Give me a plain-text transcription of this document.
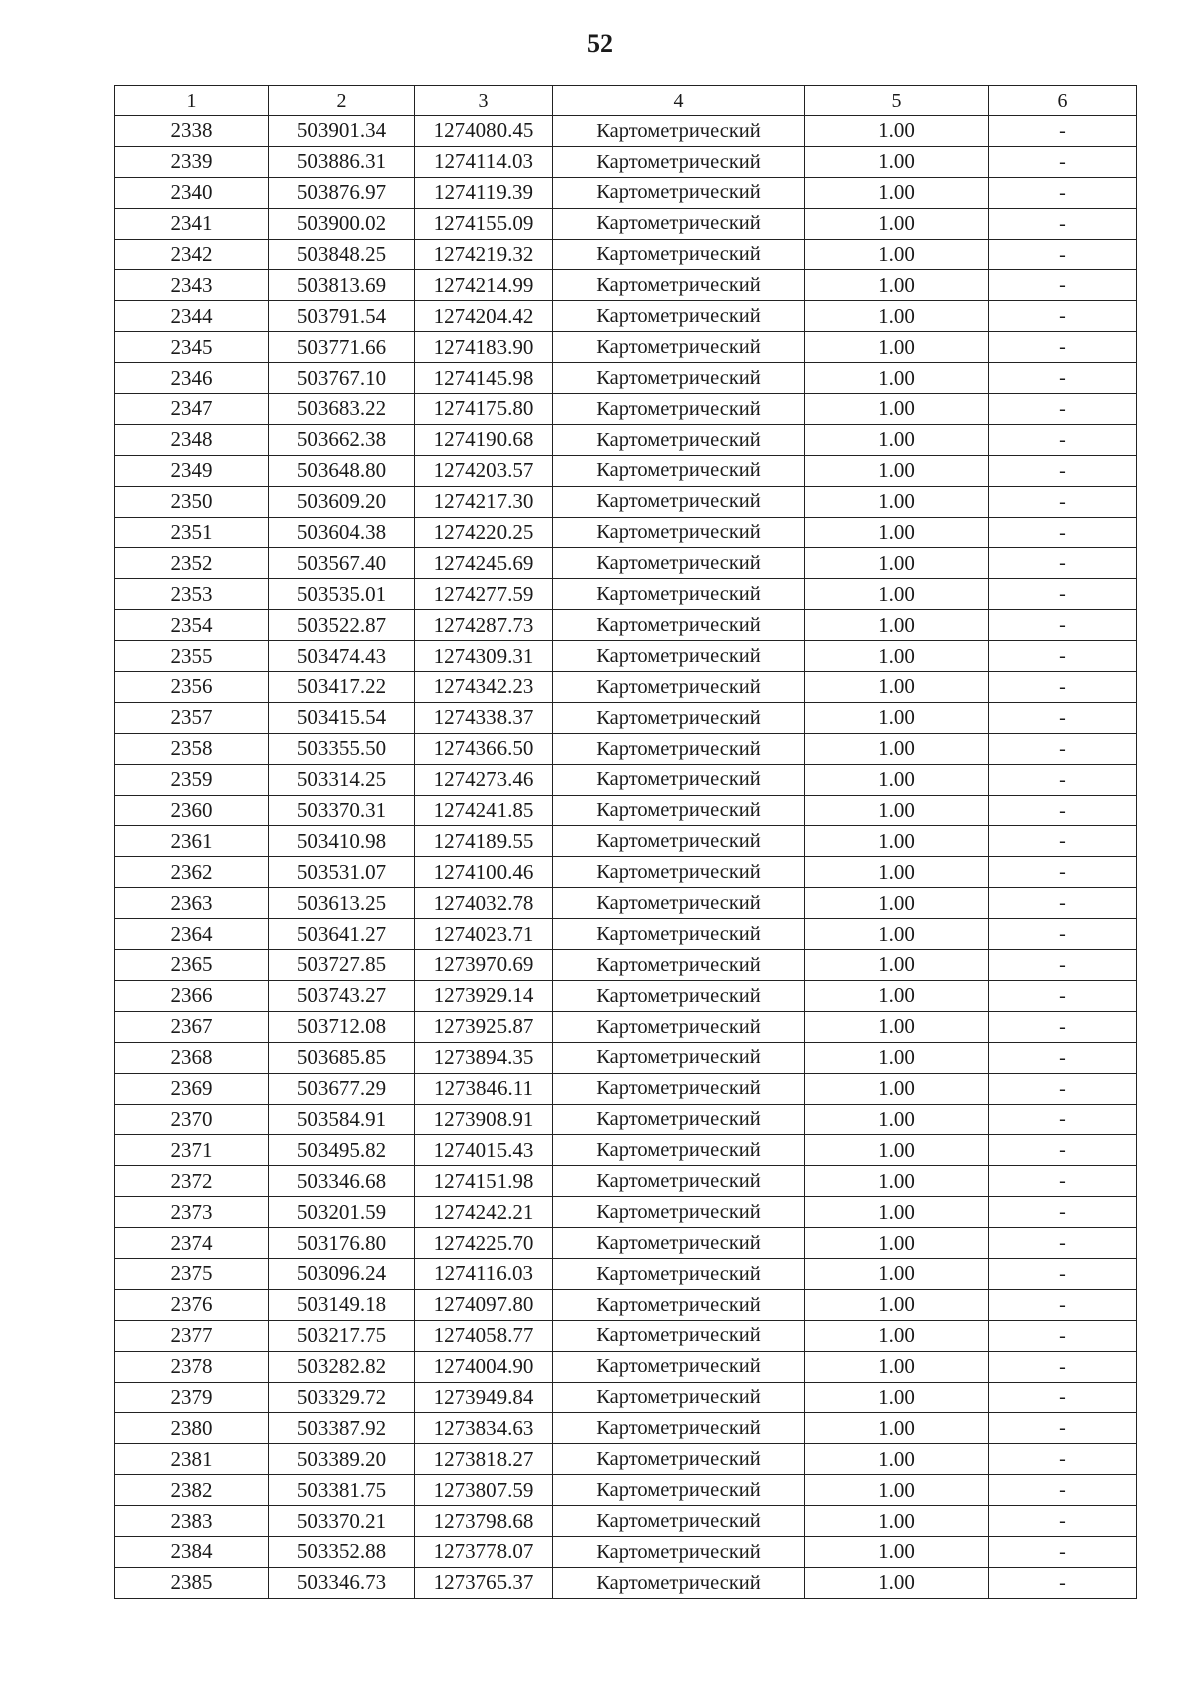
52
1	2	3	4	5	6
2338	503901.34	1274080.45	Картометрический	1.00	-
2339	503886.31	1274114.03	Картометрический	1.00	-
2340	503876.97	1274119.39	Картометрический	1.00	-
2341	503900.02	1274155.09	Картометрический	1.00	-
2342	503848.25	1274219.32	Картометрический	1.00	-
2343	503813.69	1274214.99	Картометрический	1.00	-
2344	503791.54	1274204.42	Картометрический	1.00	-
2345	503771.66	1274183.90	Картометрический	1.00	-
2346	503767.10	1274145.98	Картометрический	1.00	-
2347	503683.22	1274175.80	Картометрический	1.00	-
2348	503662.38	1274190.68	Картометрический	1.00	-
2349	503648.80	1274203.57	Картометрический	1.00	-
2350	503609.20	1274217.30	Картометрический	1.00	-
2351	503604.38	1274220.25	Картометрический	1.00	-
2352	503567.40	1274245.69	Картометрический	1.00	-
2353	503535.01	1274277.59	Картометрический	1.00	-
2354	503522.87	1274287.73	Картометрический	1.00	-
2355	503474.43	1274309.31	Картометрический	1.00	-
2356	503417.22	1274342.23	Картометрический	1.00	-
2357	503415.54	1274338.37	Картометрический	1.00	-
2358	503355.50	1274366.50	Картометрический	1.00	-
2359	503314.25	1274273.46	Картометрический	1.00	-
2360	503370.31	1274241.85	Картометрический	1.00	-
2361	503410.98	1274189.55	Картометрический	1.00	-
2362	503531.07	1274100.46	Картометрический	1.00	-
2363	503613.25	1274032.78	Картометрический	1.00	-
2364	503641.27	1274023.71	Картометрический	1.00	-
2365	503727.85	1273970.69	Картометрический	1.00	-
2366	503743.27	1273929.14	Картометрический	1.00	-
2367	503712.08	1273925.87	Картометрический	1.00	-
2368	503685.85	1273894.35	Картометрический	1.00	-
2369	503677.29	1273846.11	Картометрический	1.00	-
2370	503584.91	1273908.91	Картометрический	1.00	-
2371	503495.82	1274015.43	Картометрический	1.00	-
2372	503346.68	1274151.98	Картометрический	1.00	-
2373	503201.59	1274242.21	Картометрический	1.00	-
2374	503176.80	1274225.70	Картометрический	1.00	-
2375	503096.24	1274116.03	Картометрический	1.00	-
2376	503149.18	1274097.80	Картометрический	1.00	-
2377	503217.75	1274058.77	Картометрический	1.00	-
2378	503282.82	1274004.90	Картометрический	1.00	-
2379	503329.72	1273949.84	Картометрический	1.00	-
2380	503387.92	1273834.63	Картометрический	1.00	-
2381	503389.20	1273818.27	Картометрический	1.00	-
2382	503381.75	1273807.59	Картометрический	1.00	-
2383	503370.21	1273798.68	Картометрический	1.00	-
2384	503352.88	1273778.07	Картометрический	1.00	-
2385	503346.73	1273765.37	Картометрический	1.00	-
